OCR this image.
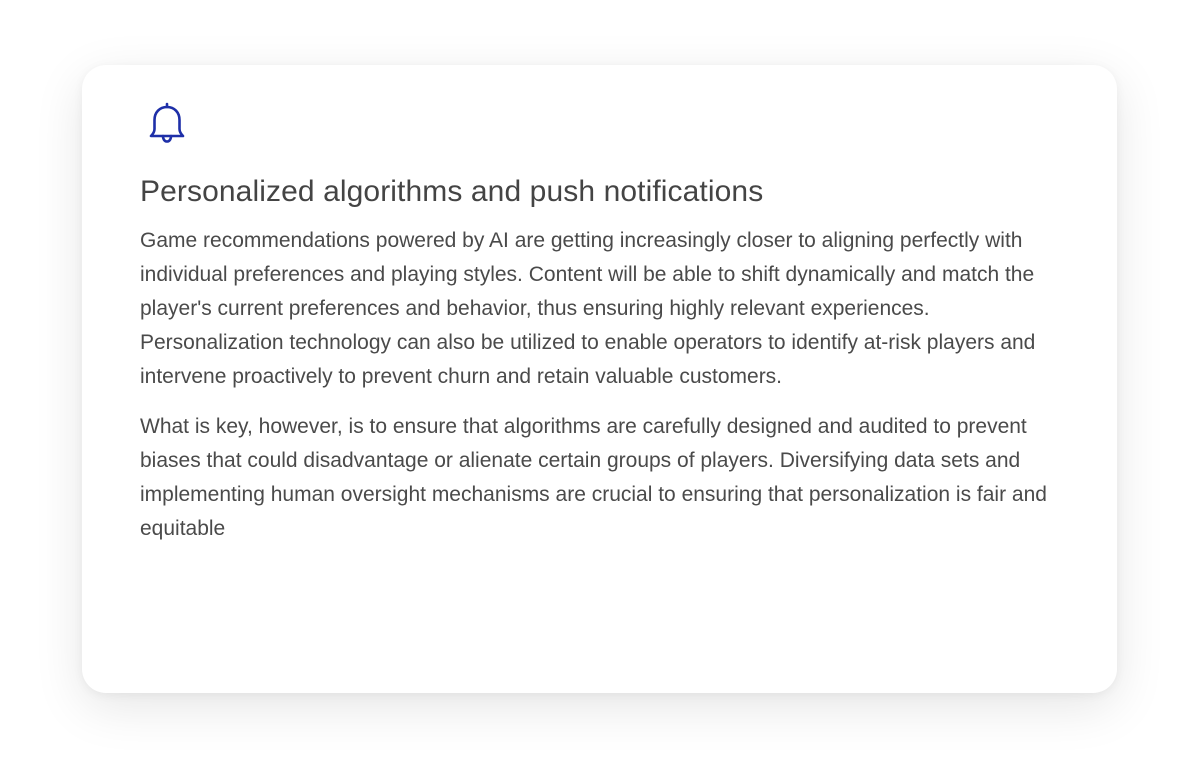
Personalized algorithms and push notifications

Game recommendations powered by AI are getting increasingly closer to aligning perfectly with individual preferences and playing styles. Content will be able to shift dynamically and match the player's current preferences and behavior, thus ensuring highly relevant experiences. Personalization technology can also be utilized to enable operators to identify at-risk players and intervene proactively to prevent churn and retain valuable customers.

What is key, however, is to ensure that algorithms are carefully designed and audited to prevent biases that could disadvantage or alienate certain groups of players. Diversifying data sets and implementing human oversight mechanisms are crucial to ensuring that personalization is fair and equitable
